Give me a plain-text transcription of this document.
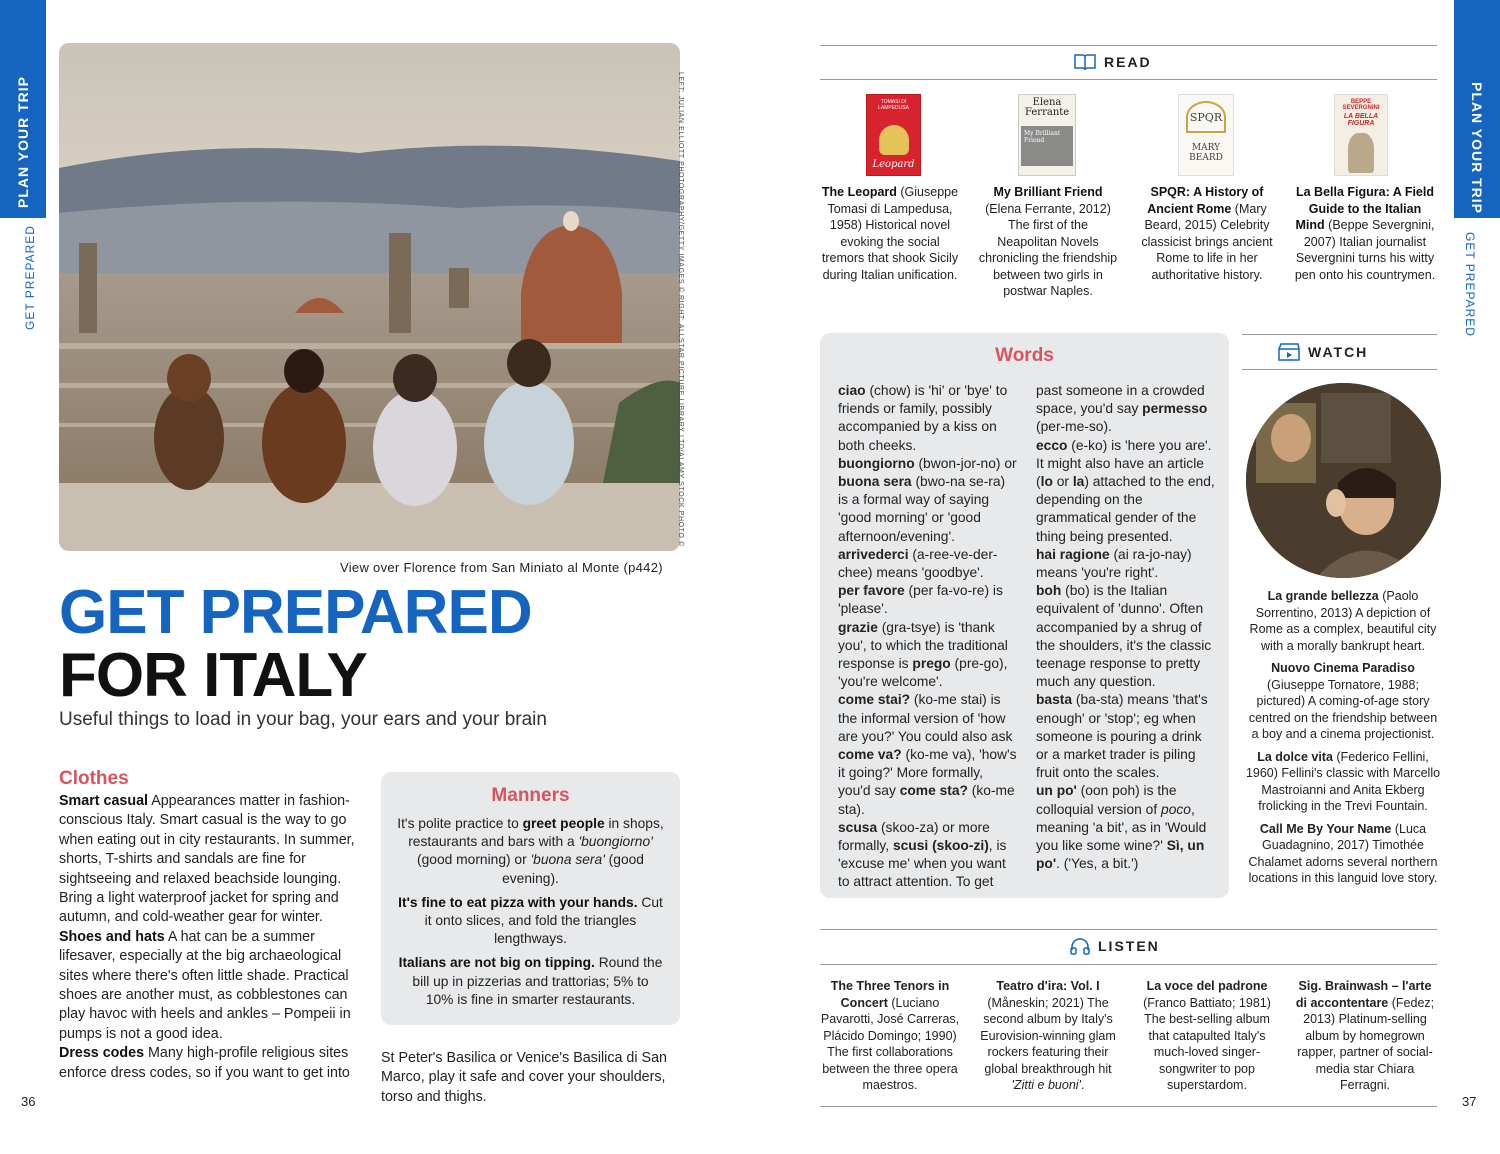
PLAN YOUR TRIP
GET PREPARED
36
PLAN YOUR TRIP
GET PREPARED
37
LEFT: JULIAN ELLIOTT PHOTOGRAPHY/GETTY IMAGES © RIGHT: ALLSTAR PICTURE LIBRARY LTD/ALAMY STOCK PHOTO ©
View over Florence from San Miniato al Monte (p442)
GET PREPARED
FOR ITALY
Useful things to load in your bag, your ears and your brain
Clothes
Smart casual Appearances matter in fashion-conscious Italy. Smart casual is the way to go when eating out in city restaurants. In summer, shorts, T-shirts and sandals are fine for sightseeing and relaxed beachside lounging. Bring a light waterproof jacket for spring and autumn, and cold-weather gear for winter.
Shoes and hats A hat can be a summer lifesaver, especially at the big archaeological sites where there's often little shade. Practical shoes are another must, as cobblestones can play havoc with heels and ankles – Pompeii in pumps is not a good idea.
Dress codes Many high-profile religious sites enforce dress codes, so if you want to get into
Manners
It's polite practice to greet people in shops, restaurants and bars with a 'buongiorno' (good morning) or 'buona sera' (good evening).
It's fine to eat pizza with your hands. Cut it onto slices, and fold the triangles lengthways.
Italians are not big on tipping. Round the bill up in pizzerias and trattorias; 5% to 10% is fine in smarter restaurants.
St Peter's Basilica or Venice's Basilica di San Marco, play it safe and cover your shoulders, torso and thighs.
READ
TOMASI DI LAMPEDUSA
Leopard
Elena Ferrante
My Brilliant Friend
SPQR
MARY BEARD
BEPPE SEVERGNINI
LA BELLA FIGURA
The Leopard (Giuseppe Tomasi di Lampedusa, 1958) Historical novel evoking the social tremors that shook Sicily during Italian unification.
My Brilliant Friend (Elena Ferrante, 2012) The first of the Neapolitan Novels chronicling the friendship between two girls in postwar Naples.
SPQR: A History of Ancient Rome (Mary Beard, 2015) Celebrity classicist brings ancient Rome to life in her authoritative history.
La Bella Figura: A Field Guide to the Italian Mind (Beppe Severgnini, 2007) Italian journalist Severgnini turns his witty pen onto his countrymen.
Words
ciao (chow) is 'hi' or 'bye' to friends or family, possibly accompanied by a kiss on both cheeks.
buongiorno (bwon-jor-no) or buona sera (bwo-na se-ra) is a formal way of saying 'good morning' or 'good afternoon/evening'.
arrivederci (a-ree-ve-der-chee) means 'goodbye'.
per favore (per fa-vo-re) is 'please'.
grazie (gra-tsye) is 'thank you', to which the traditional response is prego (pre-go), 'you're welcome'.
come stai? (ko-me stai) is the informal version of 'how are you?' You could also ask come va? (ko-me va), 'how's it going?' More formally, you'd say come sta? (ko-me sta).
scusa (skoo-za) or more formally, scusi (skoo-zi), is 'excuse me' when you want to attract attention. To get
past someone in a crowded space, you'd say permesso (per-me-so).
ecco (e-ko) is 'here you are'. It might also have an article (lo or la) attached to the end, depending on the grammatical gender of the thing being presented.
hai ragione (ai ra-jo-nay) means 'you're right'.
boh (bo) is the Italian equivalent of 'dunno'. Often accompanied by a shrug of the shoulders, it's the classic teenage response to pretty much any question.
basta (ba-sta) means 'that's enough' or 'stop'; eg when someone is pouring a drink or a market trader is piling fruit onto the scales.
un po' (oon poh) is the colloquial version of poco, meaning 'a bit', as in 'Would you like some wine?' Sì, un po'. ('Yes, a bit.')
WATCH
La grande bellezza (Paolo Sorrentino, 2013) A depiction of Rome as a complex, beautiful city with a morally bankrupt heart.
Nuovo Cinema Paradiso (Giuseppe Tornatore, 1988; pictured) A coming-of-age story centred on the friendship between a boy and a cinema projectionist.
La dolce vita (Federico Fellini, 1960) Fellini's classic with Marcello Mastroianni and Anita Ekberg frolicking in the Trevi Fountain.
Call Me By Your Name (Luca Guadagnino, 2017) Timothée Chalamet adorns several northern locations in this languid love story.
LISTEN
The Three Tenors in Concert (Luciano Pavarotti, José Carreras, Plácido Domingo; 1990) The first collaborations between the three opera maestros.
Teatro d'ira: Vol. I (Måneskin; 2021) The second album by Italy's Eurovision-winning glam rockers featuring their global breakthrough hit 'Zitti e buoni'.
La voce del padrone (Franco Battiato; 1981) The best-selling album that catapulted Italy's much-loved singer-songwriter to pop superstardom.
Sig. Brainwash – l'arte di accontentare (Fedez; 2013) Platinum-selling album by homegrown rapper, partner of social-media star Chiara Ferragni.
